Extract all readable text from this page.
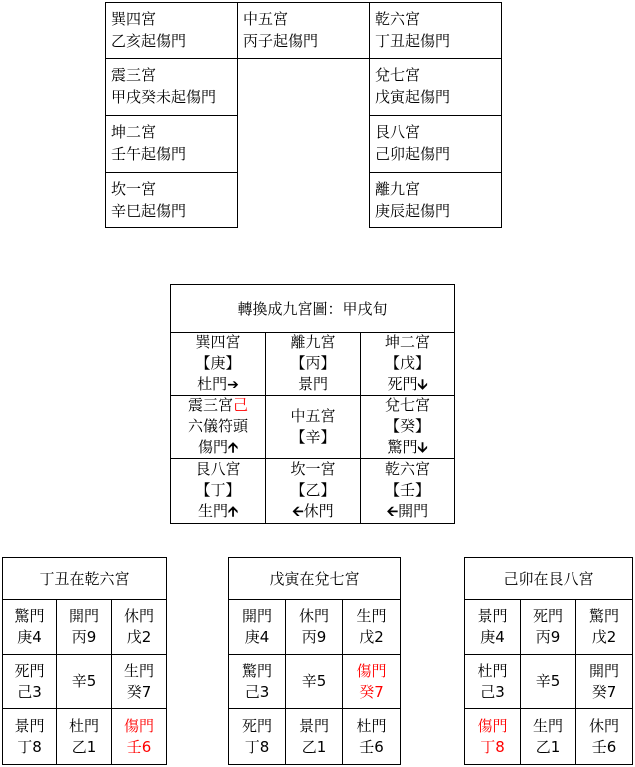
巽四宮
乙亥起傷門
中五宮
丙子起傷門
乾六宮
丁丑起傷門
震三宮
甲戌癸未起傷門
兌七宮
戊寅起傷門
坤二宮
壬午起傷門
艮八宮
己卯起傷門
坎一宮
辛巳起傷門
離九宮
庚辰起傷門
轉換成九宮圖：甲戌旬
巽四宮
【庚】
杜門➔
離九宮
【丙】
景門
坤二宮
【戊】
死門🡫
震三宮己
六儀符頭
傷門🡩
中五宮
【辛】
兌七宮
【癸】
驚門🡫
艮八宮
【丁】
生門🡩
坎一宮
【乙】
🡨休門
乾六宮
【壬】
🡨開門
丁丑在乾六宮
驚門
庚4
開門
丙9
休門
戊2
死門
己3
辛5
生門
癸7
景門
丁8
杜門
乙1
傷門
壬6
戊寅在兌七宮
開門
庚4
休門
丙9
生門
戊2
驚門
己3
辛5
傷門
癸7
死門
丁8
景門
乙1
杜門
壬6
己卯在艮八宮
景門
庚4
死門
丙9
驚門
戊2
杜門
己3
辛5
開門
癸7
傷門
丁8
生門
乙1
休門
壬6
